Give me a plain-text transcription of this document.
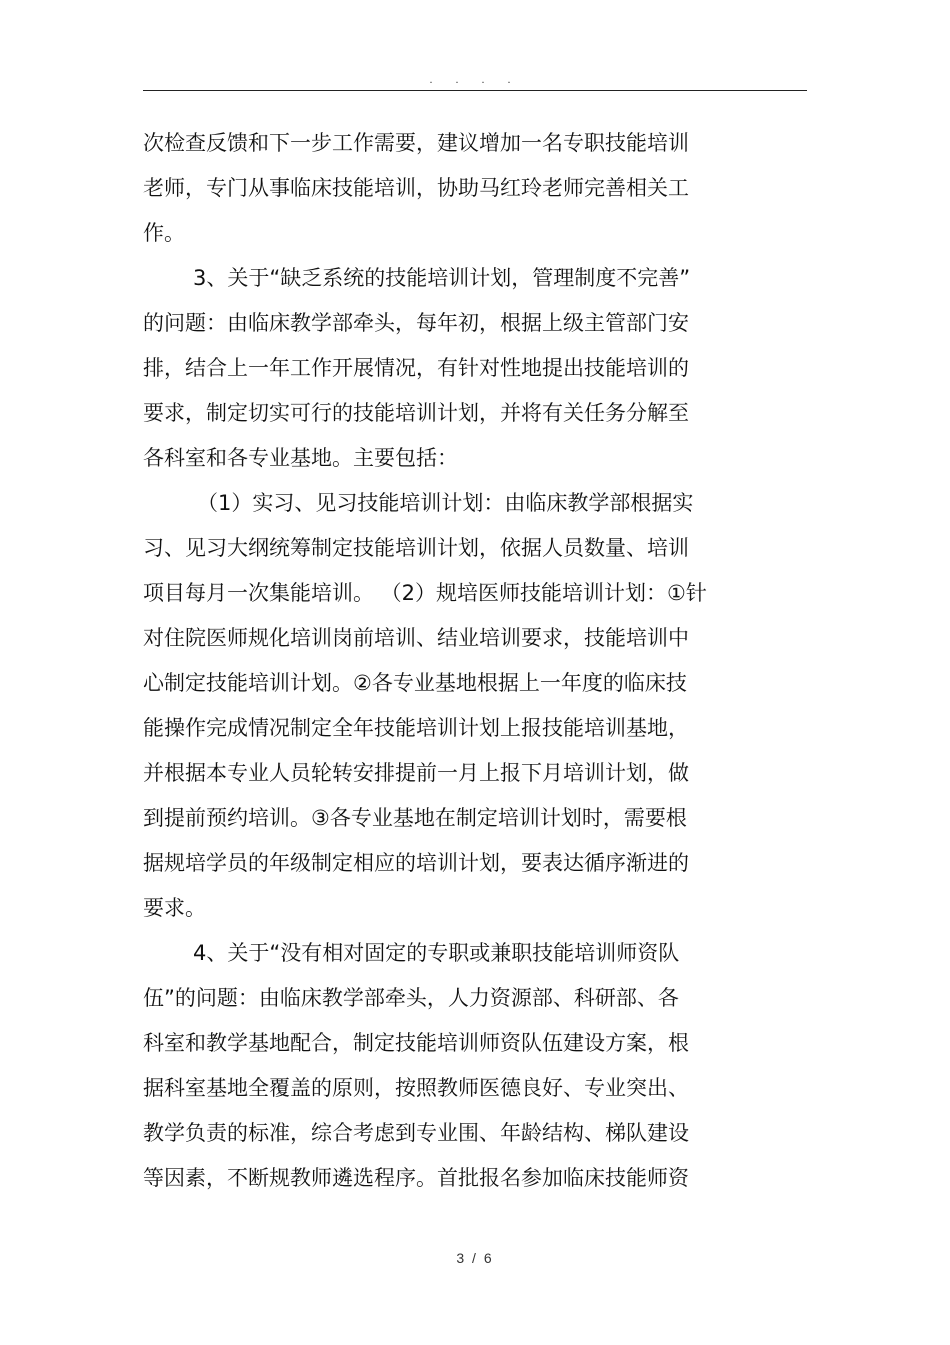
. . . .
次检查反馈和下一步工作需要，建议增加一名专职技能培训
老师，专门从事临床技能培训，协助马红玲老师完善相关工
作。
3、关于“缺乏系统的技能培训计划，管理制度不完善”
的问题：由临床教学部牵头，每年初，根据上级主管部门安
排，结合上一年工作开展情况，有针对性地提出技能培训的
要求，制定切实可行的技能培训计划，并将有关任务分解至
各科室和各专业基地。主要包括：
（1）实习、见习技能培训计划：由临床教学部根据实
习、见习大纲统筹制定技能培训计划，依据人员数量、培训
项目每月一次集能培训。 （2）规培医师技能培训计划：①针
对住院医师规化培训岗前培训、结业培训要求，技能培训中
心制定技能培训计划。②各专业基地根据上一年度的临床技
能操作完成情况制定全年技能培训计划上报技能培训基地，
并根据本专业人员轮转安排提前一月上报下月培训计划，做
到提前预约培训。③各专业基地在制定培训计划时，需要根
据规培学员的年级制定相应的培训计划，要表达循序渐进的
要求。
4、关于“没有相对固定的专职或兼职技能培训师资队
伍”的问题：由临床教学部牵头，人力资源部、科研部、各
科室和教学基地配合，制定技能培训师资队伍建设方案，根
据科室基地全覆盖的原则，按照教师医德良好、专业突出、
教学负责的标准，综合考虑到专业围、年龄结构、梯队建设
等因素，不断规教师遴选程序。首批报名参加临床技能师资
3 / 6
